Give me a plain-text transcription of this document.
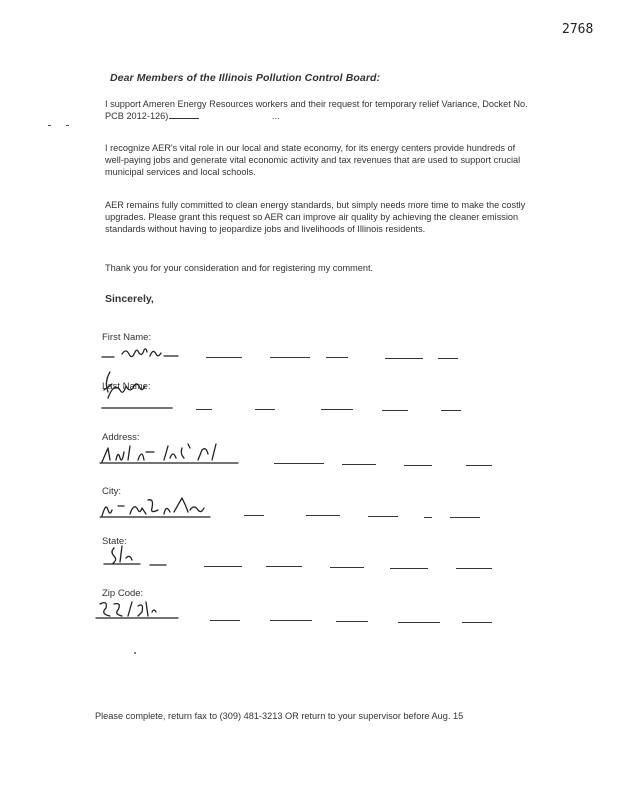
2768
Dear Members of the Illinois Pollution Control Board:
I support Ameren Energy Resources workers and their request for temporary relief Variance, Docket No. PCB 2012-126)	...
I recognize AER's vital role in our local and state economy, for its energy centers provide hundreds of well-paying jobs and generate vital economic activity and tax revenues that are used to support crucial municipal services and local schools.
AER remains fully committed to clean energy standards, but simply needs more time to make the costly upgrades. Please grant this request so AER can improve air quality by achieving the cleaner emission standards without having to jeopardize jobs and livelihoods of Illinois residents.
Thank you for your consideration and for registering my comment.
Sincerely,
First Name:
Last Name:
Address:
City:
State:
Zip Code:
Please complete, return fax to (309) 481-3213 OR return to your supervisor before Aug. 15
